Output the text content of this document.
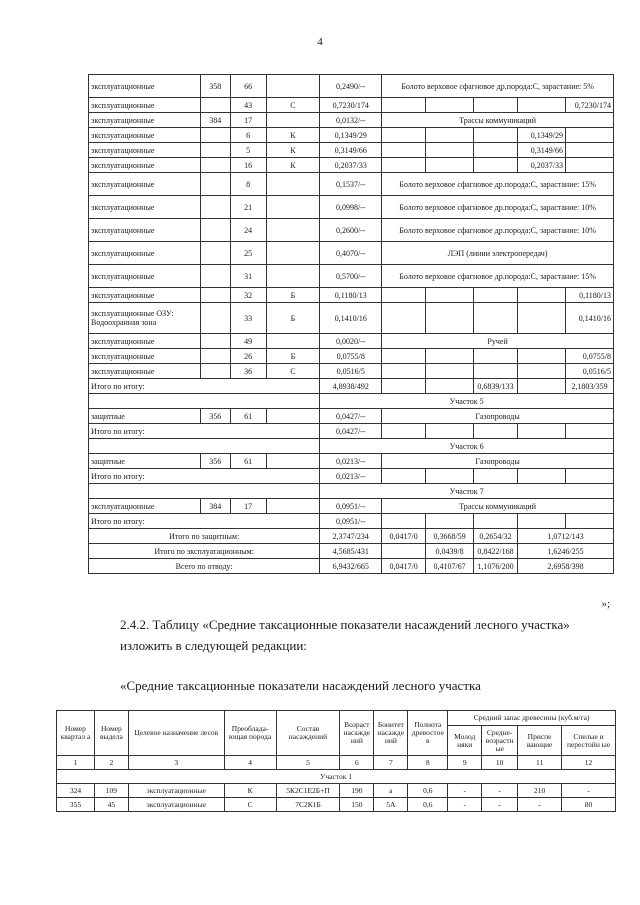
4
эксплуатационные	358	66		0,2490/--	Болото верховое сфагновое др.порода:С, зарастание: 5%				
эксплуатационные		43	С	0,7230/174					0,7230/174
эксплуатационные	384	17		0,0132/--	Трассы коммуникаций				
эксплуатационные		6	К	0,1349/29				0,1349/29	
эксплуатационные		5	К	0,3149/66				0,3149/66	
эксплуатационные		16	К	0,2037/33				0,2037/33	
эксплуатационные		8		0,1537/--	Болото верховое сфагновое др.порода:С, зарастание: 15%				
эксплуатационные		21		0,0998/--	Болото верховое сфагновое др.порода:С, зарастание: 10%				
эксплуатационные		24		0,2600/--	Болото верховое сфагновое др.порода:С, зарастание: 10%				
эксплуатационные		25		0,4070/--	ЛЭП (линии электропередач)				
эксплуатационные		31		0,5700/--	Болото верховое сфагновое др.порода:С, зарастание: 15%				
эксплуатационные		32	Б	0,1180/13					0,1180/13
эксплуатационные ОЗУ: Водоохранная зона		33	Б	0,1410/16					0,1410/16
эксплуатационные		49		0,0020/--	Ручей				
эксплуатационные		26	Б	0,0755/8					0,0755/8
эксплуатационные		36	С	0,0516/5					0,0516/5
Итого по итогу:				4,8938/492			0,6839/133		2,1803/359
				Участок 5					
защитные	356	61		0,0427/--	Газопроводы				
Итого по итогу:				0,0427/--					
				Участок 6					
защитные	356	61		0,0213/--	Газопроводы				
Итого по итогу:				0,0213/--					
				Участок 7					
эксплуатационные	384	17		0,0951/--	Трассы коммуникаций				
Итого по итогу:				0,0951/--					
Итого по защитным:				2,3747/234	0,0417/0	0,3668/59	0,2654/32	1,0712/143	
Итого по эксплуатационным:				4,5685/431		0,0439/8	0,8422/168	1,6246/255	
Всего по отводу:				6,9432/665	0,0417/0	0,4107/67	1,1076/200	2,6958/398	
»;
2.4.2. Таблицу «Средние таксационные показатели насаждений лесного участка» изложить в следующей редакции:
«Средние таксационные показатели насаждений лесного участка
Номер квартал а	Номер выдела	Целевое назначение лесов	Преоблада-ющая порода	Состав насаждений	Возраст насажде ний	Бонитет насажде ний	Полнота древостое в	Средний запас древесины (куб.м/га)			
								Молод няки	Средне-возрастн ые	Приспе вающие	Спелые и перестойн ые
1	2	3	4	5	6	7	8	9	10	11	12
Участок 1											
324	109	эксплуатационные	К	5К2С1Е2Б+П	190	а	0,6	-	-	210	-
355	45	эксплуатационные	С	7С2К1Б	150	5А	0,6	-	-	-	80
